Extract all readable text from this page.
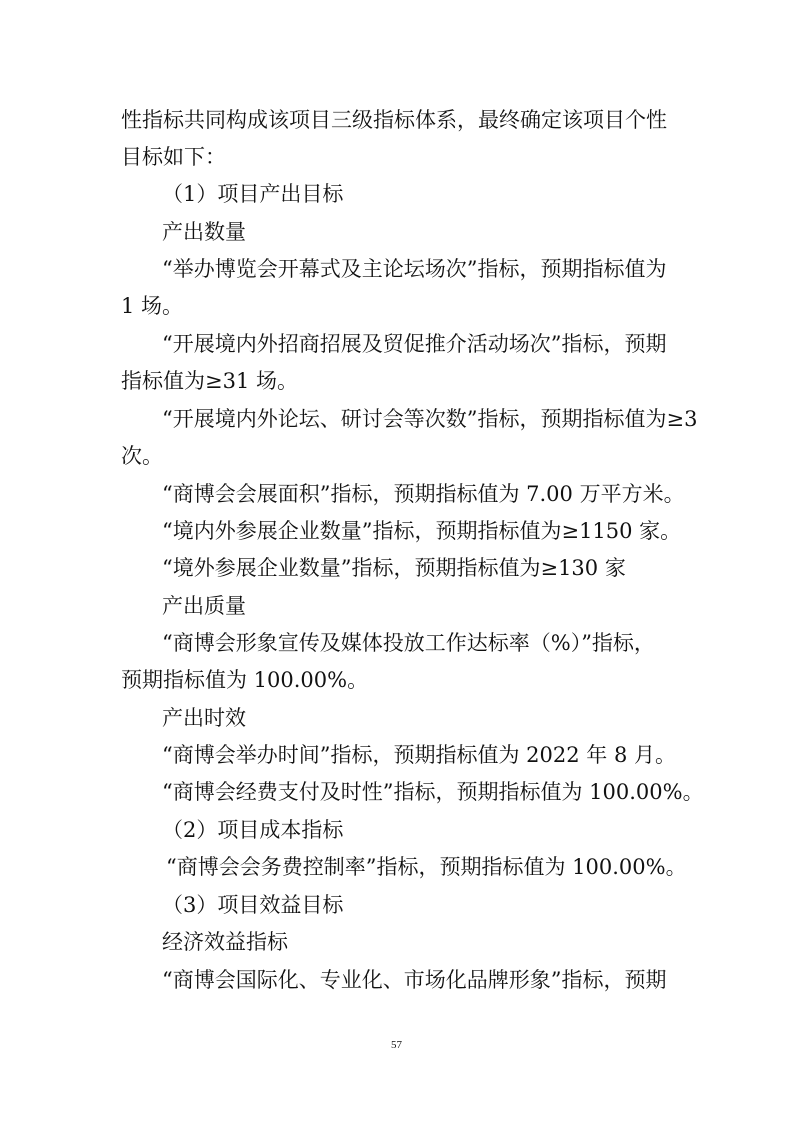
性指标共同构成该项目三级指标体系，最终确定该项目个性
目标如下：
（1）项目产出目标
产出数量
“举办博览会开幕式及主论坛场次”指标，预期指标值为
1 场。
“开展境内外招商招展及贸促推介活动场次”指标，预期
指标值为≥31 场。
“开展境内外论坛、研讨会等次数”指标，预期指标值为≥3
次。
“商博会会展面积”指标，预期指标值为 7.00 万平方米。
“境内外参展企业数量”指标，预期指标值为≥1150 家。
“境外参展企业数量”指标，预期指标值为≥130 家
产出质量
“商博会形象宣传及媒体投放工作达标率（%）”指标，
预期指标值为 100.00%。
产出时效
“商博会举办时间”指标，预期指标值为 2022 年 8 月。
“商博会经费支付及时性”指标，预期指标值为 100.00%。
（2）项目成本指标
“商博会会务费控制率”指标，预期指标值为 100.00%。
（3）项目效益目标
经济效益指标
“商博会国际化、专业化、市场化品牌形象”指标，预期
57
